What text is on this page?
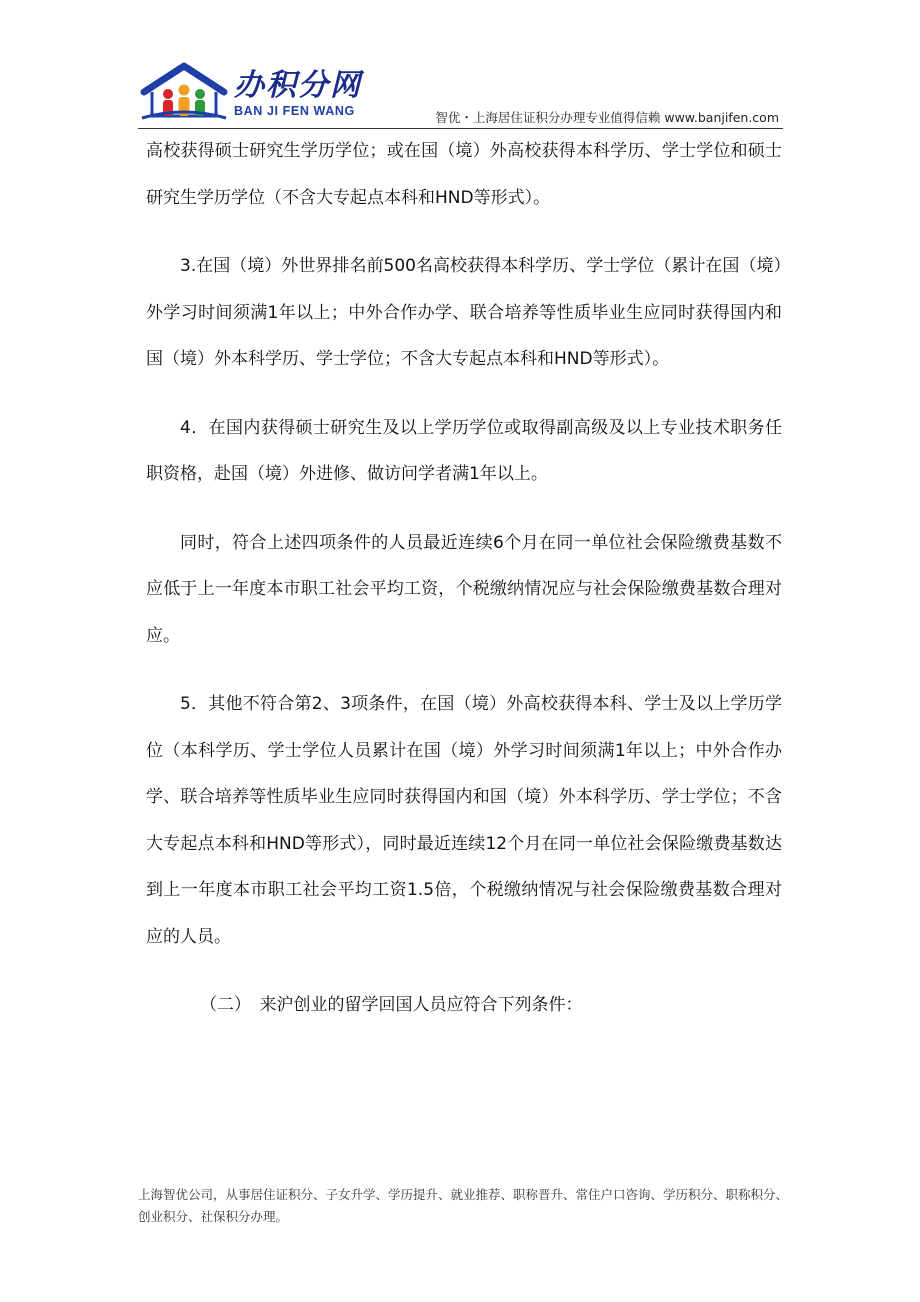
办积分网
BAN JI FEN WANG	智优・上海居住证积分办理专业值得信赖 www.banjifen.com

高校获得硕士研究生学历学位；或在国（境）外高校获得本科学历、学士学位和硕士研究生学历学位（不含大专起点本科和HND等形式）。

3.在国（境）外世界排名前500名高校获得本科学历、学士学位（累计在国（境）外学习时间须满1年以上；中外合作办学、联合培养等性质毕业生应同时获得国内和国（境）外本科学历、学士学位；不含大专起点本科和HND等形式）。

4．在国内获得硕士研究生及以上学历学位或取得副高级及以上专业技术职务任职资格，赴国（境）外进修、做访问学者满1年以上。

同时，符合上述四项条件的人员最近连续6个月在同一单位社会保险缴费基数不应低于上一年度本市职工社会平均工资，个税缴纳情况应与社会保险缴费基数合理对应。

5．其他不符合第2、3项条件，在国（境）外高校获得本科、学士及以上学历学位（本科学历、学士学位人员累计在国（境）外学习时间须满1年以上；中外合作办学、联合培养等性质毕业生应同时获得国内和国（境）外本科学历、学士学位；不含大专起点本科和HND等形式），同时最近连续12个月在同一单位社会保险缴费基数达到上一年度本市职工社会平均工资1.5倍，个税缴纳情况与社会保险缴费基数合理对应的人员。

（二）　来沪创业的留学回国人员应符合下列条件：

上海智优公司，从事居住证积分、子女升学、学历提升、就业推荐、职称晋升、常住户口咨询、学历积分、职称积分、创业积分、社保积分办理。
